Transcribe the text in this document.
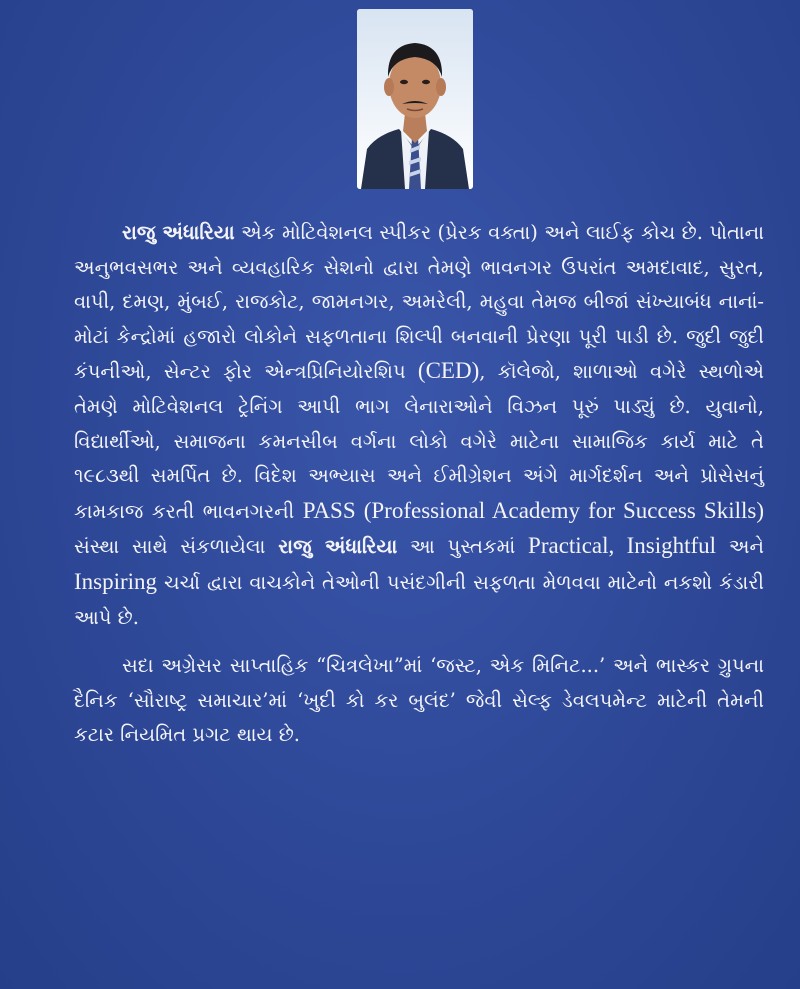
રાજુ અંધારિયા એક મોટિવેશનલ સ્પીકર (પ્રેરક વક્તા) અને લાઈફ કોચ છે. પોતાના અનુભવસભર અને વ્યવહારિક સેશનો દ્વારા તેમણે ભાવનગર ઉપરાંત અમદાવાદ, સુરત, વાપી, દમણ, મુંબઈ, રાજકોટ, જામનગર, અમરેલી, મહુવા તેમજ બીજાં સંખ્યાબંધ નાનાં-મોટાં કેન્દ્રોમાં હજારો લોકોને સફળતાના શિલ્પી બનવાની પ્રેરણા પૂરી પાડી છે. જુદી જુદી કંપનીઓ, સેન્ટર ફોર એન્ત્રપ્રિનિયોરશિપ (CED), કૉલેજો, શાળાઓ વગેરે સ્થળોએ તેમણે મોટિવેશનલ ટ્રેનિંગ આપી ભાગ લેનારાઓને વિઝન પૂરું પાડ્યું છે. યુવાનો, વિદ્યાર્થીઓ, સમાજના કમનસીબ વર્ગના લોકો વગેરે માટેના સામાજિક કાર્ય માટે તે ૧૯૮૩થી સમર્પિત છે. વિદેશ અભ્યાસ અને ઈમીગ્રેશન અંગે માર્ગદર્શન અને પ્રોસેસનું કામકાજ કરતી ભાવનગરની PASS (Professional Academy for Success Skills) સંસ્થા સાથે સંકળાયેલા રાજુ અંધારિયા આ પુસ્તકમાં Practical, Insightful અને Inspiring ચર્ચા દ્વારા વાચકોને તેઓની પસંદગીની સફળતા મેળવવા માટેનો નકશો કંડારી આપે છે.

સદા અગ્રેસર સાપ્તાહિક “ચિત્રલેખા”માં ‘જસ્ટ, એક મિનિટ...’ અને ભાસ્કર ગ્રુપના દૈનિક ‘સૌરાષ્ટ્ર સમાચાર’માં ‘ખુદી કો કર બુલંદ’ જેવી સેલ્ફ ડેવલપમેન્ટ માટેની તેમની કટાર નિયમિત પ્રગટ થાય છે.
